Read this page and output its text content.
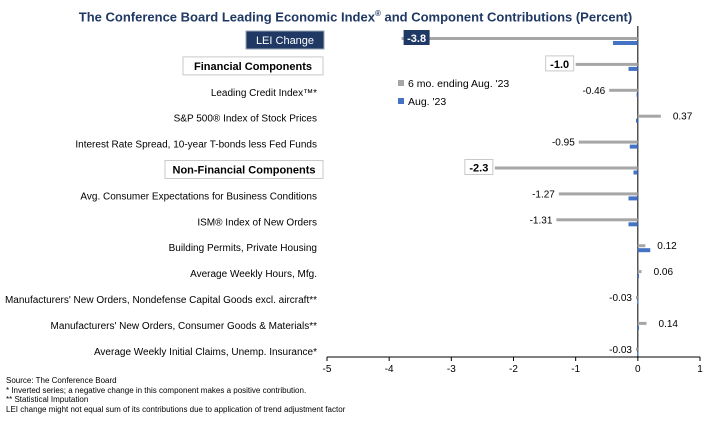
The Conference Board Leading Economic Index® and Component Contributions (Percent)
-5	-4	-3	-2	-1	0	1
LEI Change	-3.8
Financial Components	-1.0
Leading Credit Index™*	-0.46
S&P 500® Index of Stock Prices	0.37
Interest Rate Spread, 10-year T-bonds less Fed Funds	-0.95
Non-Financial Components	-2.3
Avg. Consumer Expectations for Business Conditions	-1.27
ISM® Index of New Orders	-1.31
Building Permits, Private Housing	0.12
Average Weekly Hours, Mfg.	0.06
Manufacturers' New Orders, Nondefense Capital Goods excl. aircraft**	-0.03
Manufacturers' New Orders, Consumer Goods & Materials**	0.14
Average Weekly Initial Claims, Unemp. Insurance*	-0.03
6 mo. ending Aug. '23
Aug. '23
Source: The Conference Board
* Inverted series; a negative change in this component makes a positive contribution.
** Statistical Imputation
LEI change might not equal sum of its contributions due to application of trend adjustment factor
